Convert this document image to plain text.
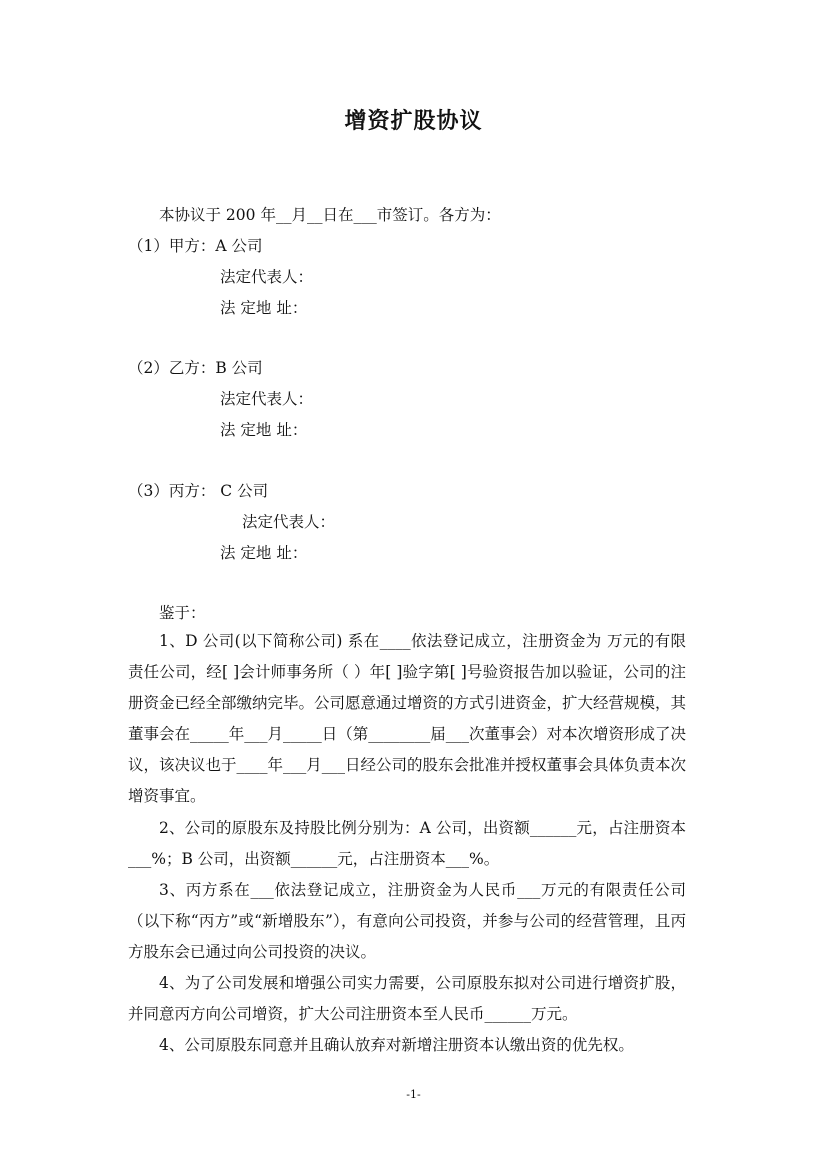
增资扩股协议
本协议于 200 年__月__日在___市签订。各方为：
（1）甲方：A 公司
法定代表人：
法 定地 址：
（2）乙方：B 公司
法定代表人：
法 定地 址：
（3）丙方： C 公司
法定代表人：
法 定地 址：
鉴于：
1、D 公司(以下简称公司) 系在____依法登记成立，注册资金为 万元的有限责任公司，经[ ]会计师事务所（ ）年[ ]验字第[ ]号验资报告加以验证，公司的注册资金已经全部缴纳完毕。公司愿意通过增资的方式引进资金，扩大经营规模，其董事会在_____年___月_____日（第________届___次董事会）对本次增资形成了决议，该决议也于____年___月___日经公司的股东会批准并授权董事会具体负责本次增资事宜。
2、公司的原股东及持股比例分别为：A 公司，出资额______元，占注册资本___%；B 公司，出资额______元，占注册资本___%。
3、丙方系在___依法登记成立，注册资金为人民币___万元的有限责任公司（以下称“丙方”或“新增股东”），有意向公司投资，并参与公司的经营管理，且丙方股东会已通过向公司投资的决议。
4、为了公司发展和增强公司实力需要，公司原股东拟对公司进行增资扩股，并同意丙方向公司增资，扩大公司注册资本至人民币______万元。
4、公司原股东同意并且确认放弃对新增注册资本认缴出资的优先权。
-1-
